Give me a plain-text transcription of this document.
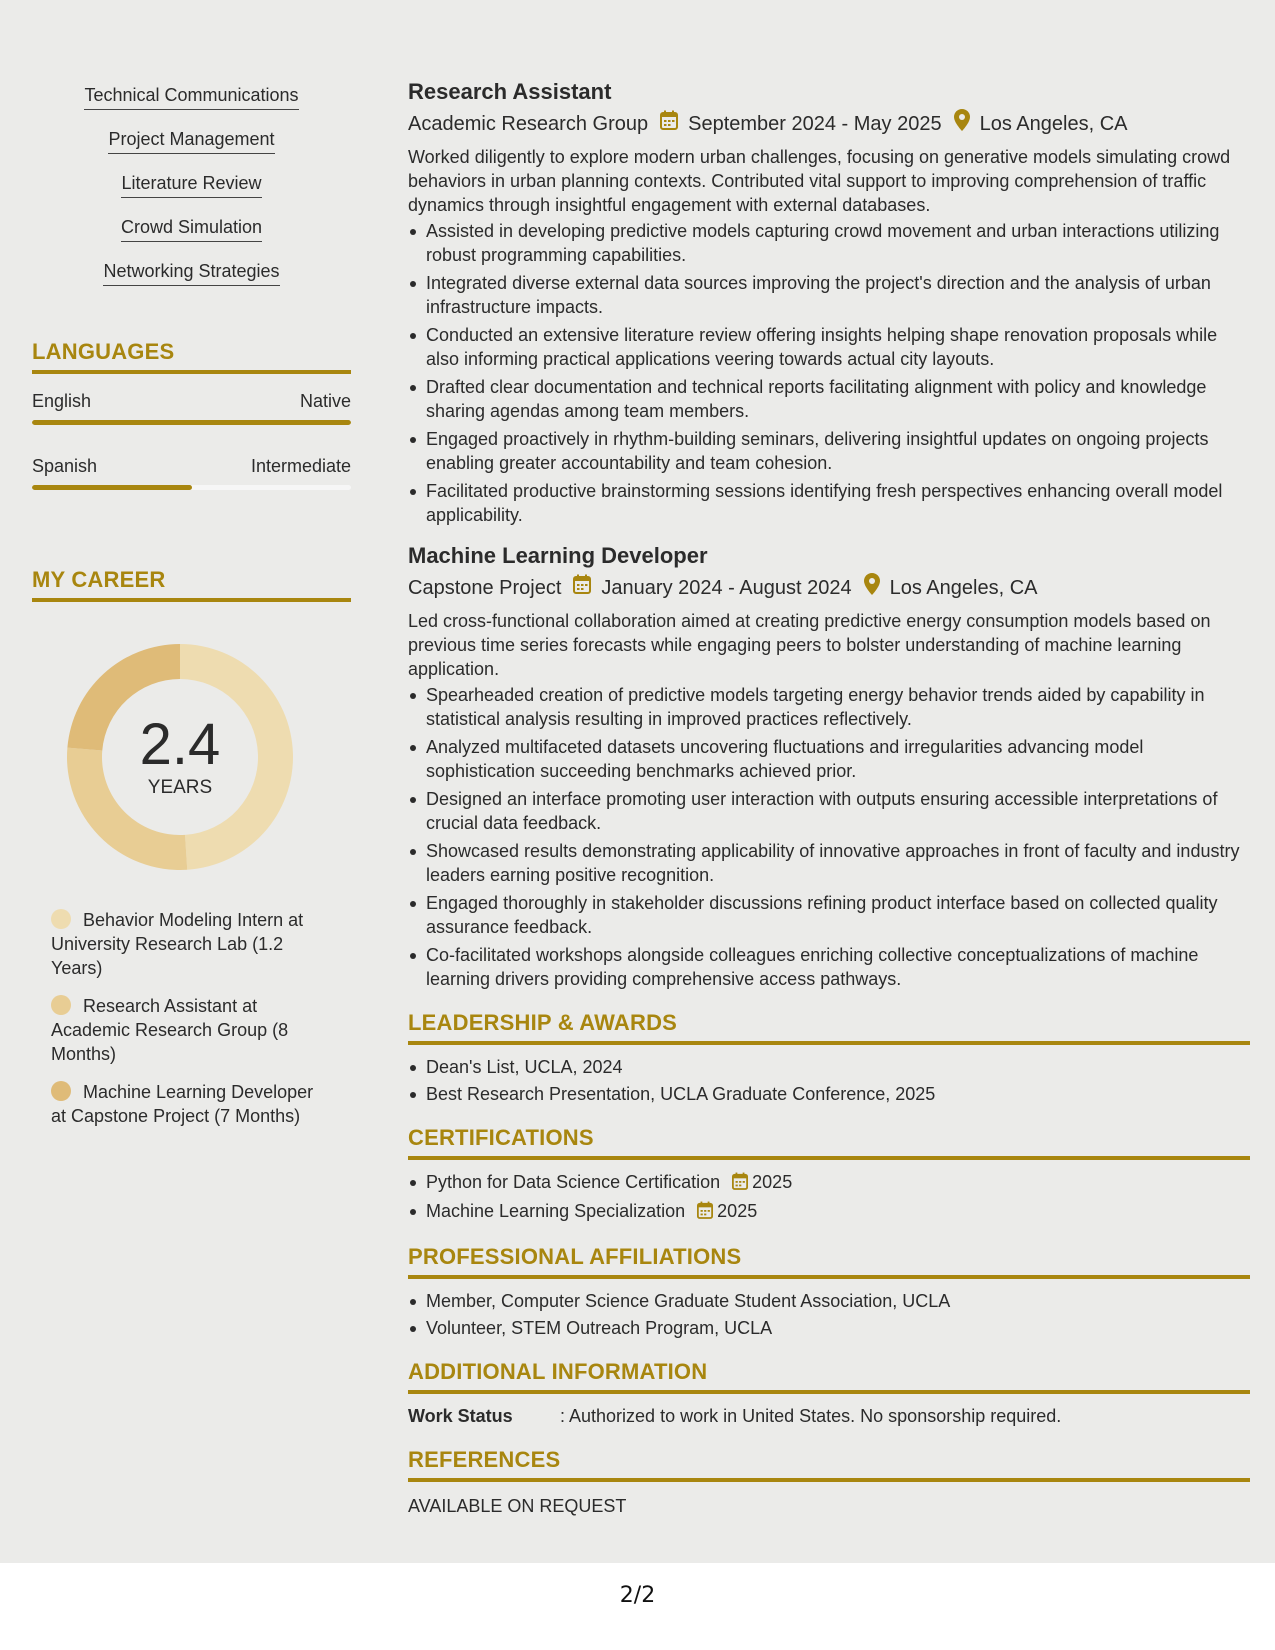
Technical Communications
Project Management
Literature Review
Crowd Simulation
Networking Strategies
LANGUAGES
English	Native
Spanish	Intermediate
MY CAREER
2.4
YEARS
Behavior Modeling Intern at University Research Lab (1.2 Years)
Research Assistant at Academic Research Group (8 Months)
Machine Learning Developer at Capstone Project (7 Months)
Research Assistant
Academic Research Group September 2024 - May 2025 Los Angeles, CA
Worked diligently to explore modern urban challenges, focusing on generative models simulating crowd behaviors in urban planning contexts. Contributed vital support to improving comprehension of traffic dynamics through insightful engagement with external databases.
Assisted in developing predictive models capturing crowd movement and urban interactions utilizing robust programming capabilities.
Integrated diverse external data sources improving the project's direction and the analysis of urban infrastructure impacts.
Conducted an extensive literature review offering insights helping shape renovation proposals while also informing practical applications veering towards actual city layouts.
Drafted clear documentation and technical reports facilitating alignment with policy and knowledge sharing agendas among team members.
Engaged proactively in rhythm-building seminars, delivering insightful updates on ongoing projects enabling greater accountability and team cohesion.
Facilitated productive brainstorming sessions identifying fresh perspectives enhancing overall model applicability.
Machine Learning Developer
Capstone Project January 2024 - August 2024 Los Angeles, CA
Led cross-functional collaboration aimed at creating predictive energy consumption models based on previous time series forecasts while engaging peers to bolster understanding of machine learning application.
Spearheaded creation of predictive models targeting energy behavior trends aided by capability in statistical analysis resulting in improved practices reflectively.
Analyzed multifaceted datasets uncovering fluctuations and irregularities advancing model sophistication succeeding benchmarks achieved prior.
Designed an interface promoting user interaction with outputs ensuring accessible interpretations of crucial data feedback.
Showcased results demonstrating applicability of innovative approaches in front of faculty and industry leaders earning positive recognition.
Engaged thoroughly in stakeholder discussions refining product interface based on collected quality assurance feedback.
Co-facilitated workshops alongside colleagues enriching collective conceptualizations of machine learning drivers providing comprehensive access pathways.
LEADERSHIP & AWARDS
Dean's List, UCLA, 2024
Best Research Presentation, UCLA Graduate Conference, 2025
CERTIFICATIONS
Python for Data Science Certification 2025
Machine Learning Specialization 2025
PROFESSIONAL AFFILIATIONS
Member, Computer Science Graduate Student Association, UCLA
Volunteer, STEM Outreach Program, UCLA
ADDITIONAL INFORMATION
Work Status	: Authorized to work in United States. No sponsorship required.
REFERENCES
AVAILABLE ON REQUEST
2/2
